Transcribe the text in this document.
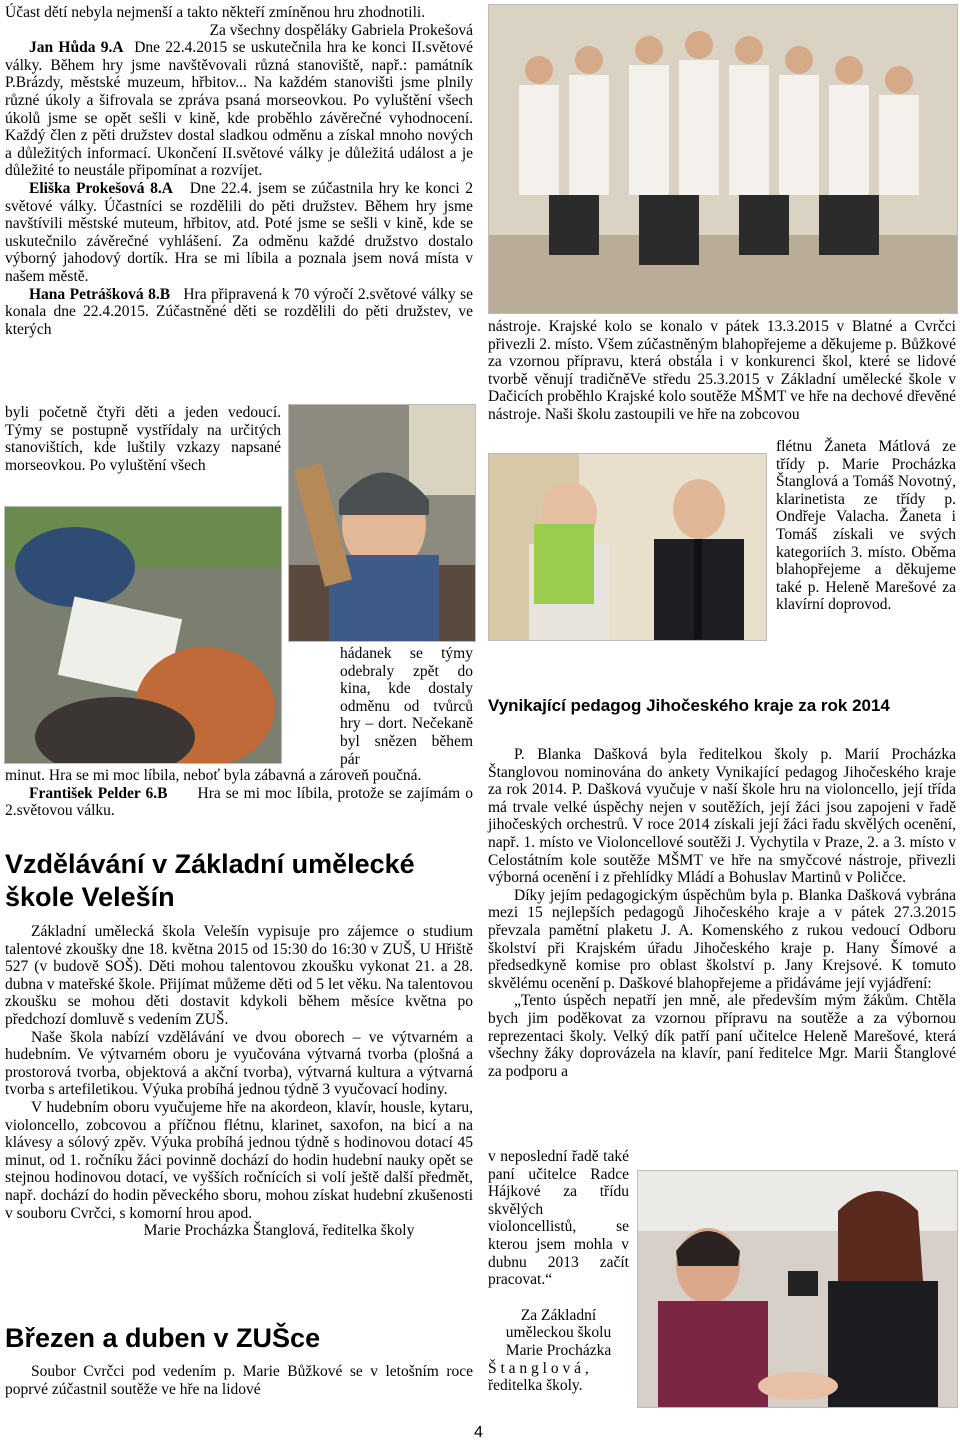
Účast dětí nebyla nejmenší a takto někteří zmíněnou hru zhodnotili.

Za všechny dospěláky Gabriela Prokešová

Jan Hůda 9.A Dne 22.4.2015 se uskutečnila hra ke konci II.světové války. Během hry jsme navštěvovali různá stanoviště, např.: památník P.Brázdy, městské muzeum, hřbitov... Na každém stanovišti jsme plnily různé úkoly a šifrovala se zpráva psaná morseovkou. Po vyluštění všech úkolů jsme se opět sešli v kině, kde proběhlo závěrečné vyhodnocení. Každý člen z pěti družstev dostal sladkou odměnu a získal mnoho nových a důležitých informací. Ukončení II.světové války je důležitá událost a je důležité to neustále připomínat a rozvíjet.

Eliška Prokešová 8.A Dne 22.4. jsem se zúčastnila hry ke konci 2 světové války. Účastníci se rozdělili do pěti družstev. Během hry jsme navštívili městské muteum, hřbitov, atd. Poté jsme se sešli v kině, kde se uskutečnilo závěrečné vyhlášení. Za odměnu každé družstvo dostalo výborný jahodový dortík. Hra se mi líbila a poznala jsem nová místa v našem městě.

Hana Petrášková 8.B Hra připravená k 70 výročí 2.světové války se konala dne 22.4.2015. Zúčastněné děti se rozdělili do pěti družstev, ve kterých

byli početně čtyři děti a jeden vedoucí. Týmy se postupně vystřídaly na určitých stanovištích, kde luštily vzkazy napsané morseovkou. Po vyluštění všech

hádanek se týmy odebraly zpět do kina, kde dostaly odměnu od tvůrců hry – dort. Nečekaně byl snězen během pár

minut. Hra se mi moc líbila, neboť byla zábavná a zároveň poučná.

František Pelder 6.B Hra se mi moc líbila, protože se zajímám o 2.světovou válku.

Vzdělávání v Základní umělecké škole Velešín

Základní umělecká škola Velešín vypisuje pro zájemce o studium talentové zkoušky dne 18. května 2015 od 15:30 do 16:30 v ZUŠ, U Hřiště 527 (v budově SOŠ). Děti mohou talentovou zkoušku vykonat 21. a 28. dubna v mateřské škole. Přijímat můžeme děti od 5 let věku. Na talentovou zkoušku se mohou děti dostavit kdykoli během měsíce května po předchozí domluvě s vedením ZUŠ.

Naše škola nabízí vzdělávání ve dvou oborech – ve výtvarném a hudebním. Ve výtvarném oboru je vyučována výtvarná tvorba (plošná a prostorová tvorba, objektová a akční tvorba), výtvarná kultura a výtvarná tvorba s artefiletikou. Výuka probíhá jednou týdně 3 vyučovací hodiny.

V hudebním oboru vyučujeme hře na akordeon, klavír, housle, kytaru, violoncello, zobcovou a příčnou flétnu, klarinet, saxofon, na bicí a na klávesy a sólový zpěv. Výuka probíhá jednou týdně s hodinovou dotací 45 minut, od 1. ročníku žáci povinně dochází do hodin hudební nauky opět se stejnou hodinovou dotací, ve vyšších ročnících si volí ještě další předmět, např. dochází do hodin pěveckého sboru, mohou získat hudební zkušenosti v souboru Cvrčci, s komorní hrou apod.

Marie Procházka Štanglová, ředitelka školy

Březen a duben v ZUŠce

Soubor Cvrčci pod vedením p. Marie Bůžkové se v letošním roce poprvé zúčastnil soutěže ve hře na lidové

nástroje. Krajské kolo se konalo v pátek 13.3.2015 v Blatné a Cvrčci přivezli 2. místo. Všem zúčastněným blahopřejeme a děkujeme p. Bůžkové za vzornou přípravu, která obstála i v konkurenci škol, které se lidové tvorbě věnují tradičněVe středu 25.3.2015 v Základní umělecké škole v Dačicích proběhlo Krajské kolo soutěže MŠMT ve hře na dechové dřevěné nástroje. Naši školu zastoupili ve hře na zobcovou

flétnu Žaneta Mátlová ze třídy p. Marie Procházka Štanglová a Tomáš Novotný, klarinetista ze třídy p. Ondřeje Valacha. Žaneta i Tomáš získali ve svých kategoriích 3. místo. Oběma blahopřejeme a děkujeme také p. Heleně Marešové za klavírní doprovod.

Vynikající pedagog Jihočeského kraje za rok 2014

P. Blanka Dašková byla ředitelkou školy p. Marií Procházka Štanglovou nominována do ankety Vynikající pedagog Jihočeského kraje za rok 2014. P. Dašková vyučuje v naší škole hru na violoncello, její třída má trvale velké úspěchy nejen v soutěžích, její žáci jsou zapojeni v řadě jihočeských orchestrů. V roce 2014 získali její žáci řadu skvělých ocenění, např. 1. místo ve Violoncellové soutěži J. Vychytila v Praze, 2. a 3. místo v Celostátním kole soutěže MŠMT ve hře na smyčcové nástroje, přivezli výborná ocenění i z přehlídky Mládí a Bohuslav Martinů v Poličce.

Díky jejím pedagogickým úspěchům byla p. Blanka Dašková vybrána mezi 15 nejlepších pedagogů Jihočeského kraje a v pátek 27.3.2015 převzala pamětní plaketu J. A. Komenského z rukou vedoucí Odboru školství při Krajském úřadu Jihočeského kraje p. Hany Šímové a předsedkyně komise pro oblast školství p. Jany Krejsové. K tomuto skvělému ocenění p. Daškové blahopřejeme a přidáváme její vyjádření:

„Tento úspěch nepatří jen mně, ale především mým žákům. Chtěla bych jim poděkovat za vzornou přípravu na soutěže a za výbornou reprezentaci školy. Velký dík patří paní učitelce Heleně Marešové, která všechny žáky doprovázela na klavír, paní ředitelce Mgr. Marii Štanglové za podporu a

v neposlední řadě také paní učitelce Radce Hájkové za třídu skvělých violoncellistů, se kterou jsem mohla v dubnu 2013 začít pracovat.“

Za Základní uměleckou školu Marie Procházka

Š t a n g l o v á ,

ředitelka školy.

4
